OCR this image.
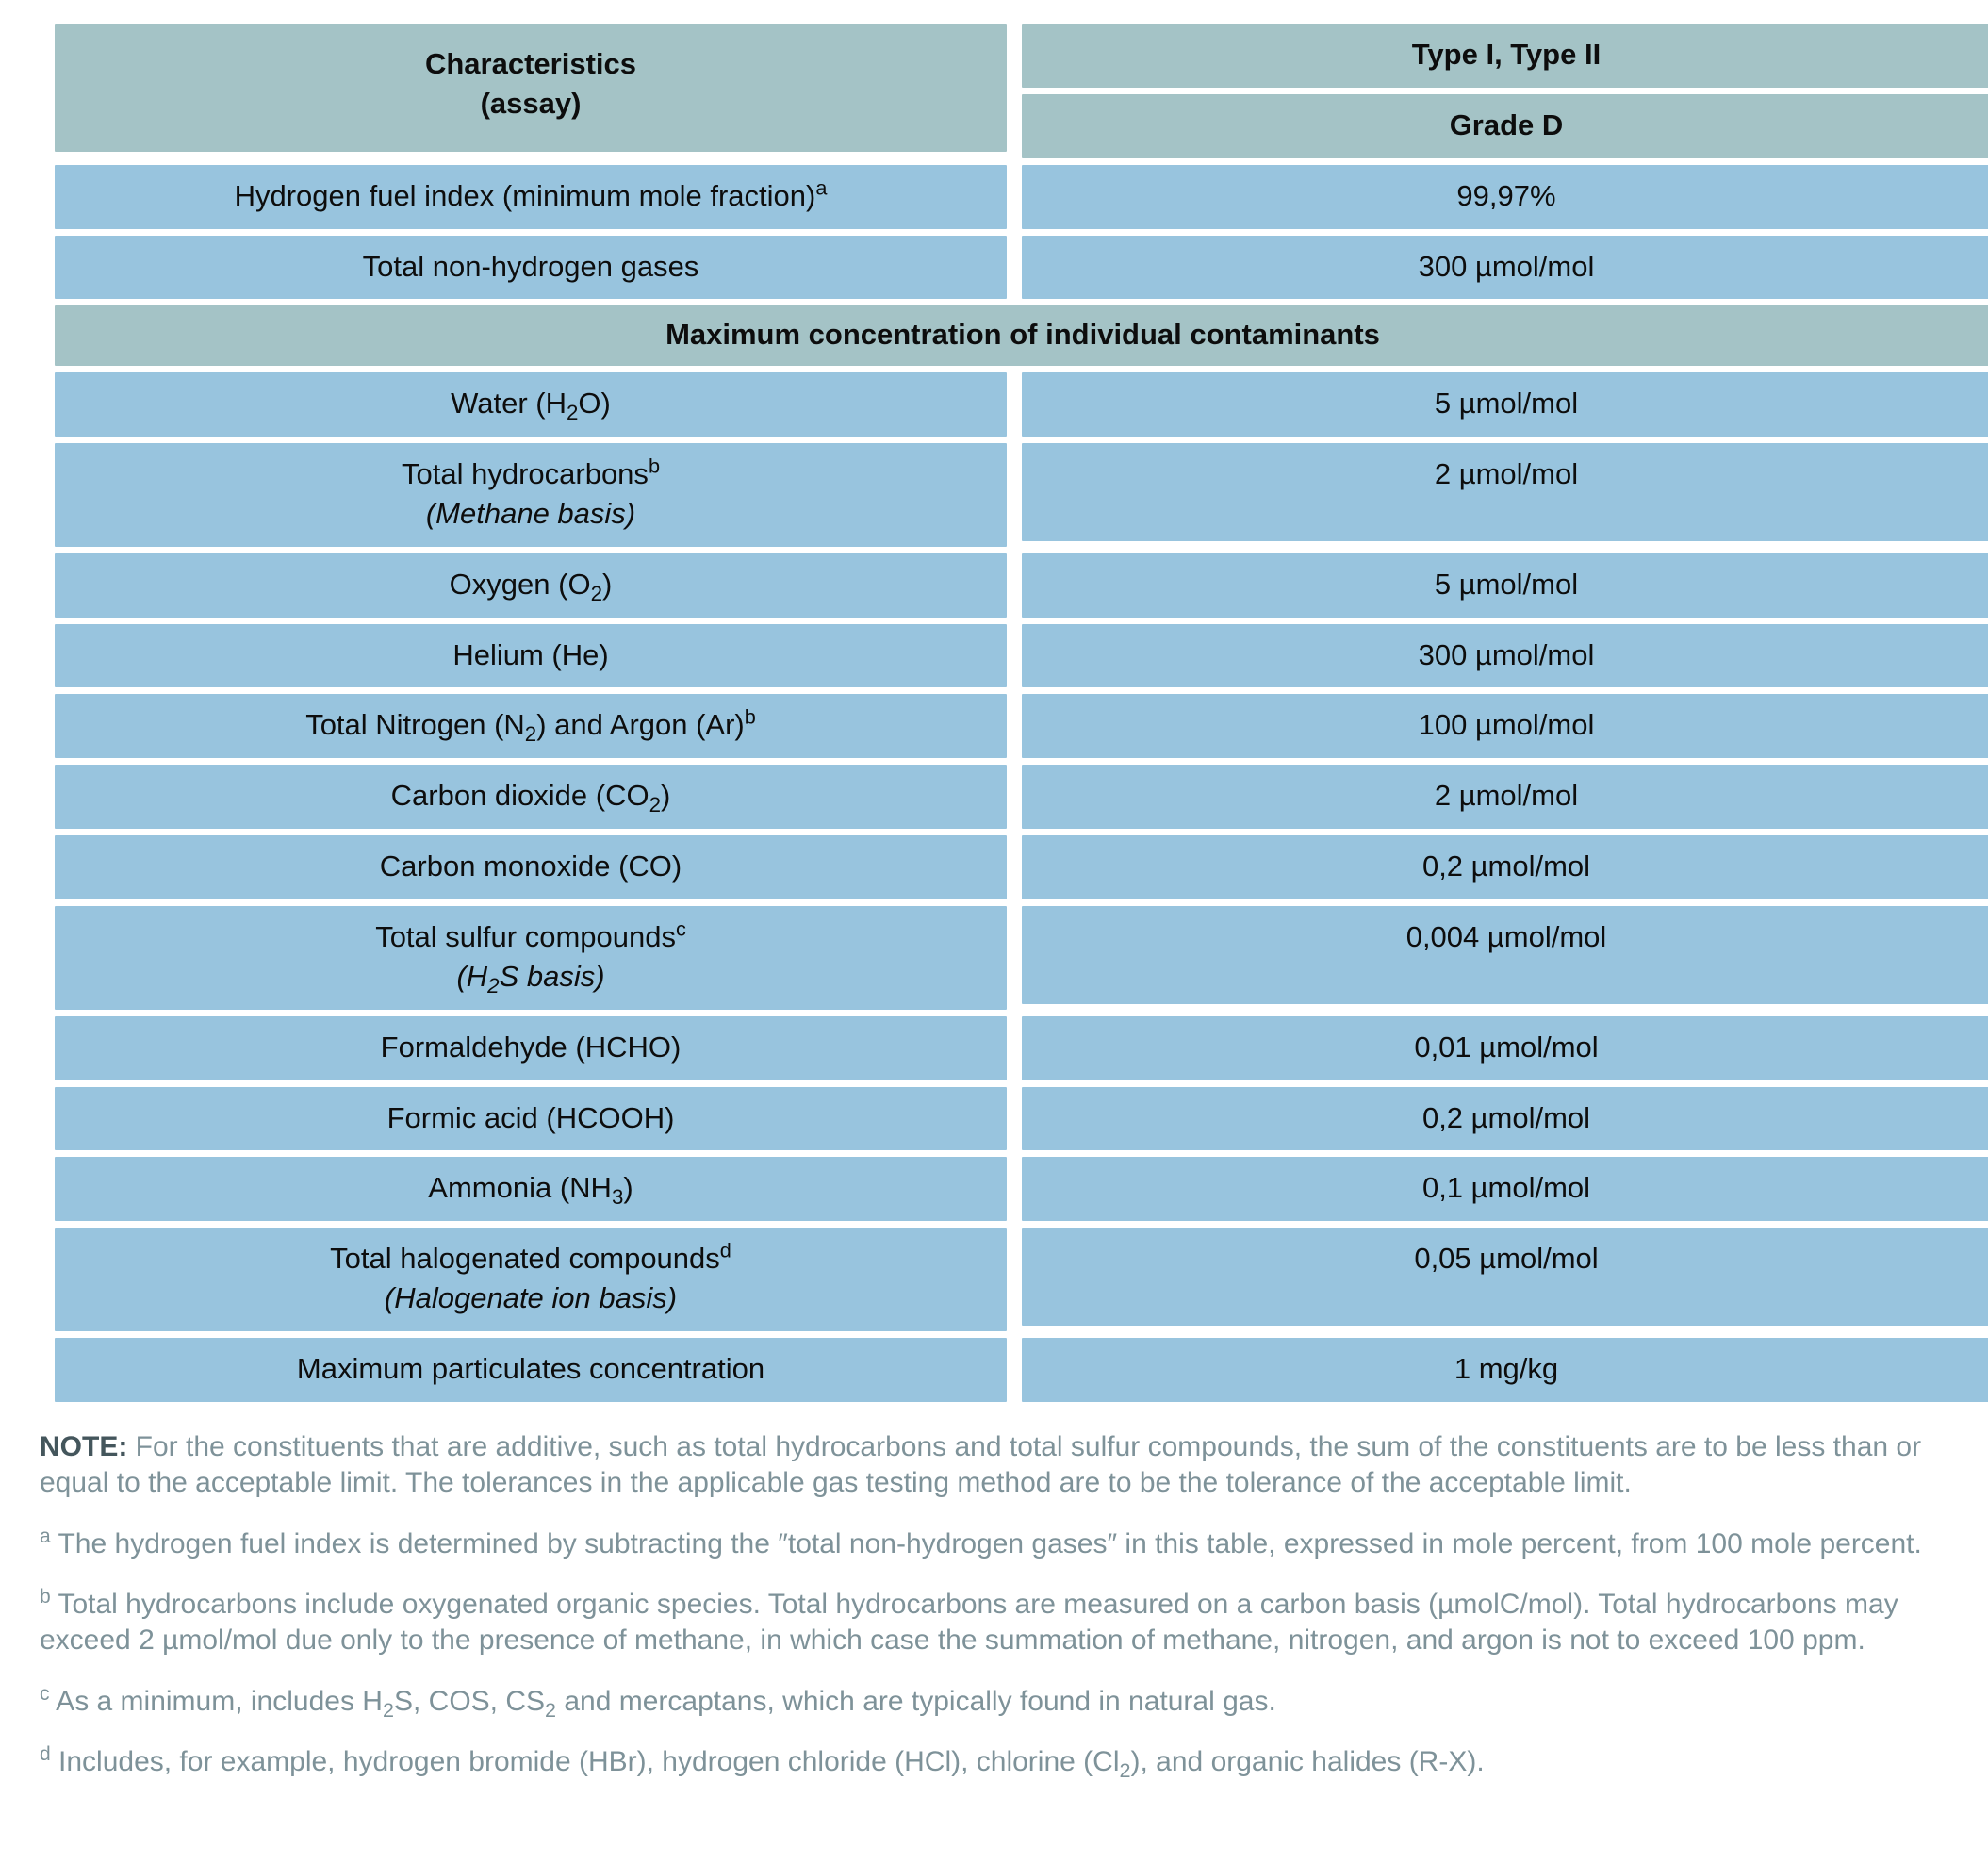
Characteristics
(assay)	Type I, Type II

	Grade D

Hydrogen fuel index (minimum mole fraction)$^a$	99,97%

Total non-hydrogen gases	300 µmol/mol

Maximum concentration of individual contaminants	

Water $(H_2O)$	5 µmol/mol

Total hydrocarbons$^b$
(Methane basis)	2 µmol/mol

Oxygen $(O_2)$	5 µmol/mol

Helium (He)	300 µmol/mol

Total Nitrogen $(N_2)$ and Argon $(Ar)^b$	100 µmol/mol

Carbon dioxide $(CO_2)$	2 µmol/mol

Carbon monoxide (CO)	0,2 µmol/mol

Total sulfur compounds$^c$
($H_2S$ basis)	0,004 µmol/mol

Formaldehyde (HCHO)	0,01 µmol/mol

Formic acid (HCOOH)	0,2 µmol/mol

Ammonia $(NH_3)$	0,1 µmol/mol

Total halogenated compounds$^d$
(Halogenate ion basis)	0,05 µmol/mol

Maximum particulates concentration	1 mg/kg

NOTE: For the constituents that are additive, such as total hydrocarbons and total sulfur compounds, the sum of the constituents are to be less than or equal to the acceptable limit. The tolerances in the applicable gas testing method are to be the tolerance of the acceptable limit.

$^a$ The hydrogen fuel index is determined by subtracting the ″total non-hydrogen gases″ in this table, expressed in mole percent, from 100 mole percent.

$^b$ Total hydrocarbons include oxygenated organic species. Total hydrocarbons are measured on a carbon basis (µmolC/mol). Total hydrocarbons may exceed 2 µmol/mol due only to the presence of methane, in which case the summation of methane, nitrogen, and argon is not to exceed 100 ppm.

$^c$ As a minimum, includes $H_2S$, COS, $CS_2$ and mercaptans, which are typically found in natural gas.

$^d$ Includes, for example, hydrogen bromide (HBr), hydrogen chloride (HCl), chlorine $(Cl_2)$, and organic halides (R-X).
